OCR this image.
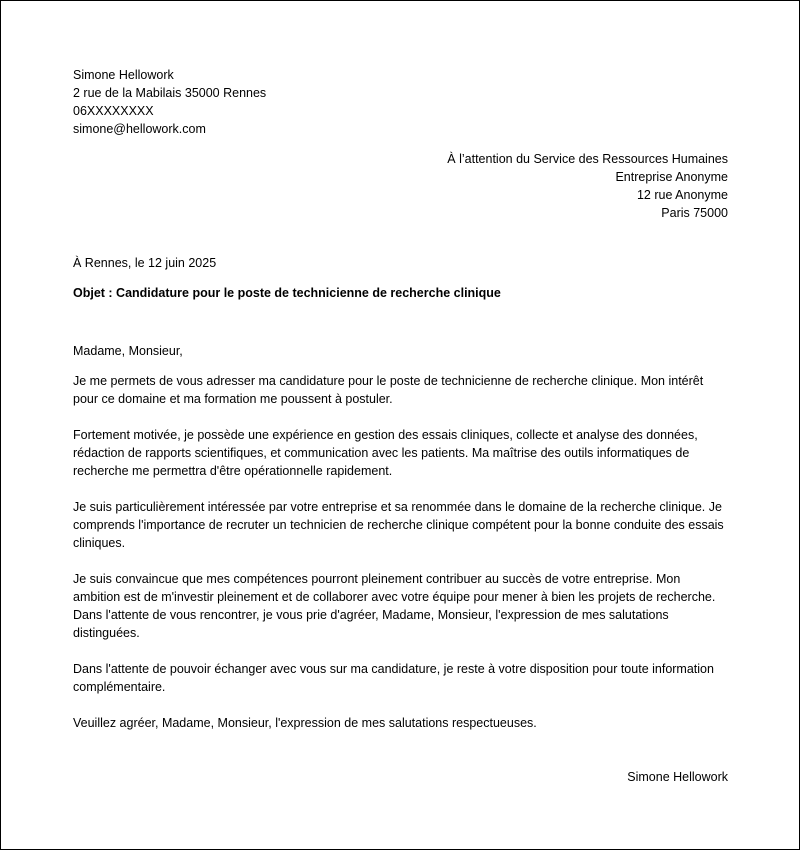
Simone Hellowork
2 rue de la Mabilais 35000 Rennes
06XXXXXXXX
simone@hellowork.com
À l’attention du Service des Ressources Humaines
Entreprise Anonyme
12 rue Anonyme
Paris 75000
À Rennes, le 12 juin 2025
Objet : Candidature pour le poste de technicienne de recherche clinique
Madame, Monsieur,

Je me permets de vous adresser ma candidature pour le poste de technicienne de recherche clinique. Mon intérêt pour ce domaine et ma formation me poussent à postuler.

Fortement motivée, je possède une expérience en gestion des essais cliniques, collecte et analyse des données, rédaction de rapports scientifiques, et communication avec les patients. Ma maîtrise des outils informatiques de recherche me permettra d'être opérationnelle rapidement.

Je suis particulièrement intéressée par votre entreprise et sa renommée dans le domaine de la recherche clinique. Je comprends l'importance de recruter un technicien de recherche clinique compétent pour la bonne conduite des essais cliniques.

Je suis convaincue que mes compétences pourront pleinement contribuer au succès de votre entreprise. Mon ambition est de m'investir pleinement et de collaborer avec votre équipe pour mener à bien les projets de recherche. Dans l'attente de vous rencontrer, je vous prie d'agréer, Madame, Monsieur, l'expression de mes salutations distinguées.

Dans l'attente de pouvoir échanger avec vous sur ma candidature, je reste à votre disposition pour toute information complémentaire.

Veuillez agréer, Madame, Monsieur, l'expression de mes salutations respectueuses.

Simone Hellowork
